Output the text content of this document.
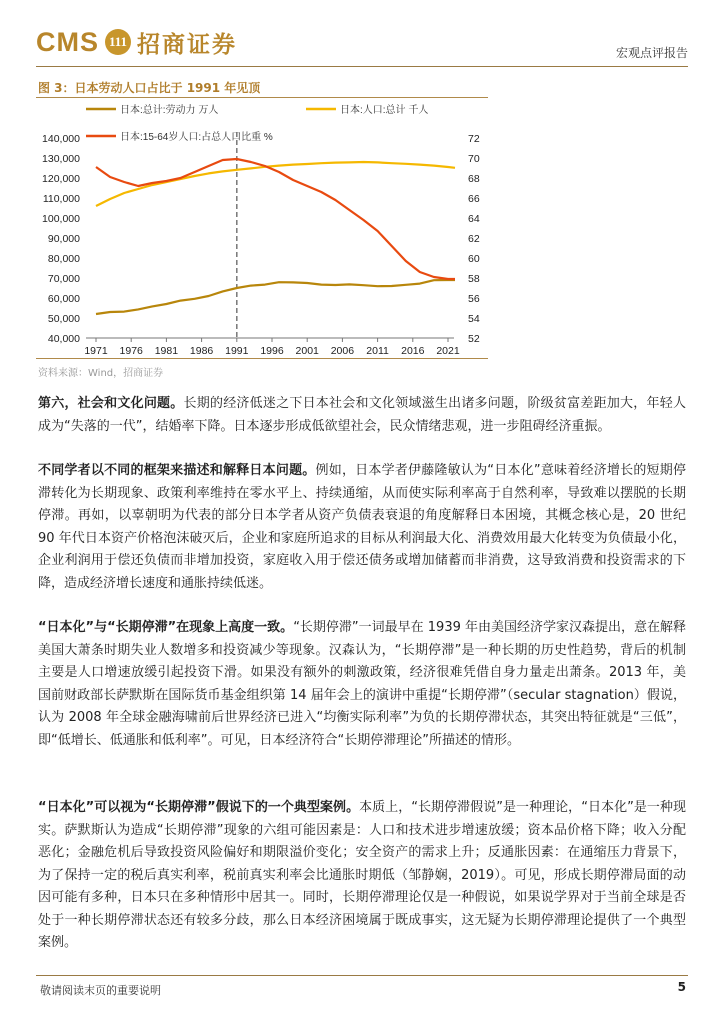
CMS 111 招商证券	宏观点评报告
图 3：日本劳动人口占比于 1991 年见顶
日本:总计:劳动力 万人	日本:人口:总计 千人
日本:15-64岁人口:占总人口比重 %
140,000
130,000
120,000
110,000
100,000
90,000
80,000
70,000
60,000
50,000
40,000
72
70
68
66
64
62
60
58
56
54
52
1971 1976 1981 1986 1991 1996 2001 2006 2011 2016 2021
资料来源：Wind，招商证券

第六，社会和文化问题。长期的经济低迷之下日本社会和文化领域滋生出诸多问题，阶级贫富差距加大，年轻人成为“失落的一代”，结婚率下降。日本逐步形成低欲望社会，民众情绪悲观，进一步阻碍经济重振。

不同学者以不同的框架来描述和解释日本问题。例如，日本学者伊藤隆敏认为“日本化”意味着经济增长的短期停滞转化为长期现象、政策利率维持在零水平上、持续通缩，从而使实际利率高于自然利率，导致难以摆脱的长期停滞。再如，以辜朝明为代表的部分日本学者从资产负债表衰退的角度解释日本困境，其概念核心是，20 世纪 90 年代日本资产价格泡沫破灭后，企业和家庭所追求的目标从利润最大化、消费效用最大化转变为负债最小化，企业利润用于偿还负债而非增加投资，家庭收入用于偿还债务或增加储蓄而非消费，这导致消费和投资需求的下降，造成经济增长速度和通胀持续低迷。

“日本化”与“长期停滞”在现象上高度一致。“长期停滞”一词最早在 1939 年由美国经济学家汉森提出，意在解释美国大萧条时期失业人数增多和投资减少等现象。汉森认为，“长期停滞”是一种长期的历史性趋势，背后的机制主要是人口增速放缓引起投资下滑。如果没有额外的刺激政策，经济很难凭借自身力量走出萧条。2013 年，美国前财政部长萨默斯在国际货币基金组织第 14 届年会上的演讲中重提“长期停滞”（secular stagnation）假说，认为 2008 年全球金融海啸前后世界经济已进入“均衡实际利率”为负的长期停滞状态，其突出特征就是“三低”，即“低增长、低通胀和低利率”。可见，日本经济符合“长期停滞理论”所描述的情形。

“日本化”可以视为“长期停滞”假说下的一个典型案例。本质上，“长期停滞假说”是一种理论，“日本化”是一种现实。萨默斯认为造成“长期停滞”现象的六组可能因素是：人口和技术进步增速放缓；资本品价格下降；收入分配恶化；金融危机后导致投资风险偏好和期限溢价变化；安全资产的需求上升；反通胀因素：在通缩压力背景下，为了保持一定的税后真实利率，税前真实利率会比通胀时期低（邹静娴，2019）。可见，形成长期停滞局面的动因可能有多种，日本只在多种情形中居其一。同时，长期停滞理论仅是一种假说，如果说学界对于当前全球是否处于一种长期停滞状态还有较多分歧，那么日本经济困境属于既成事实，这无疑为长期停滞理论提供了一个典型案例。

敬请阅读末页的重要说明	5
